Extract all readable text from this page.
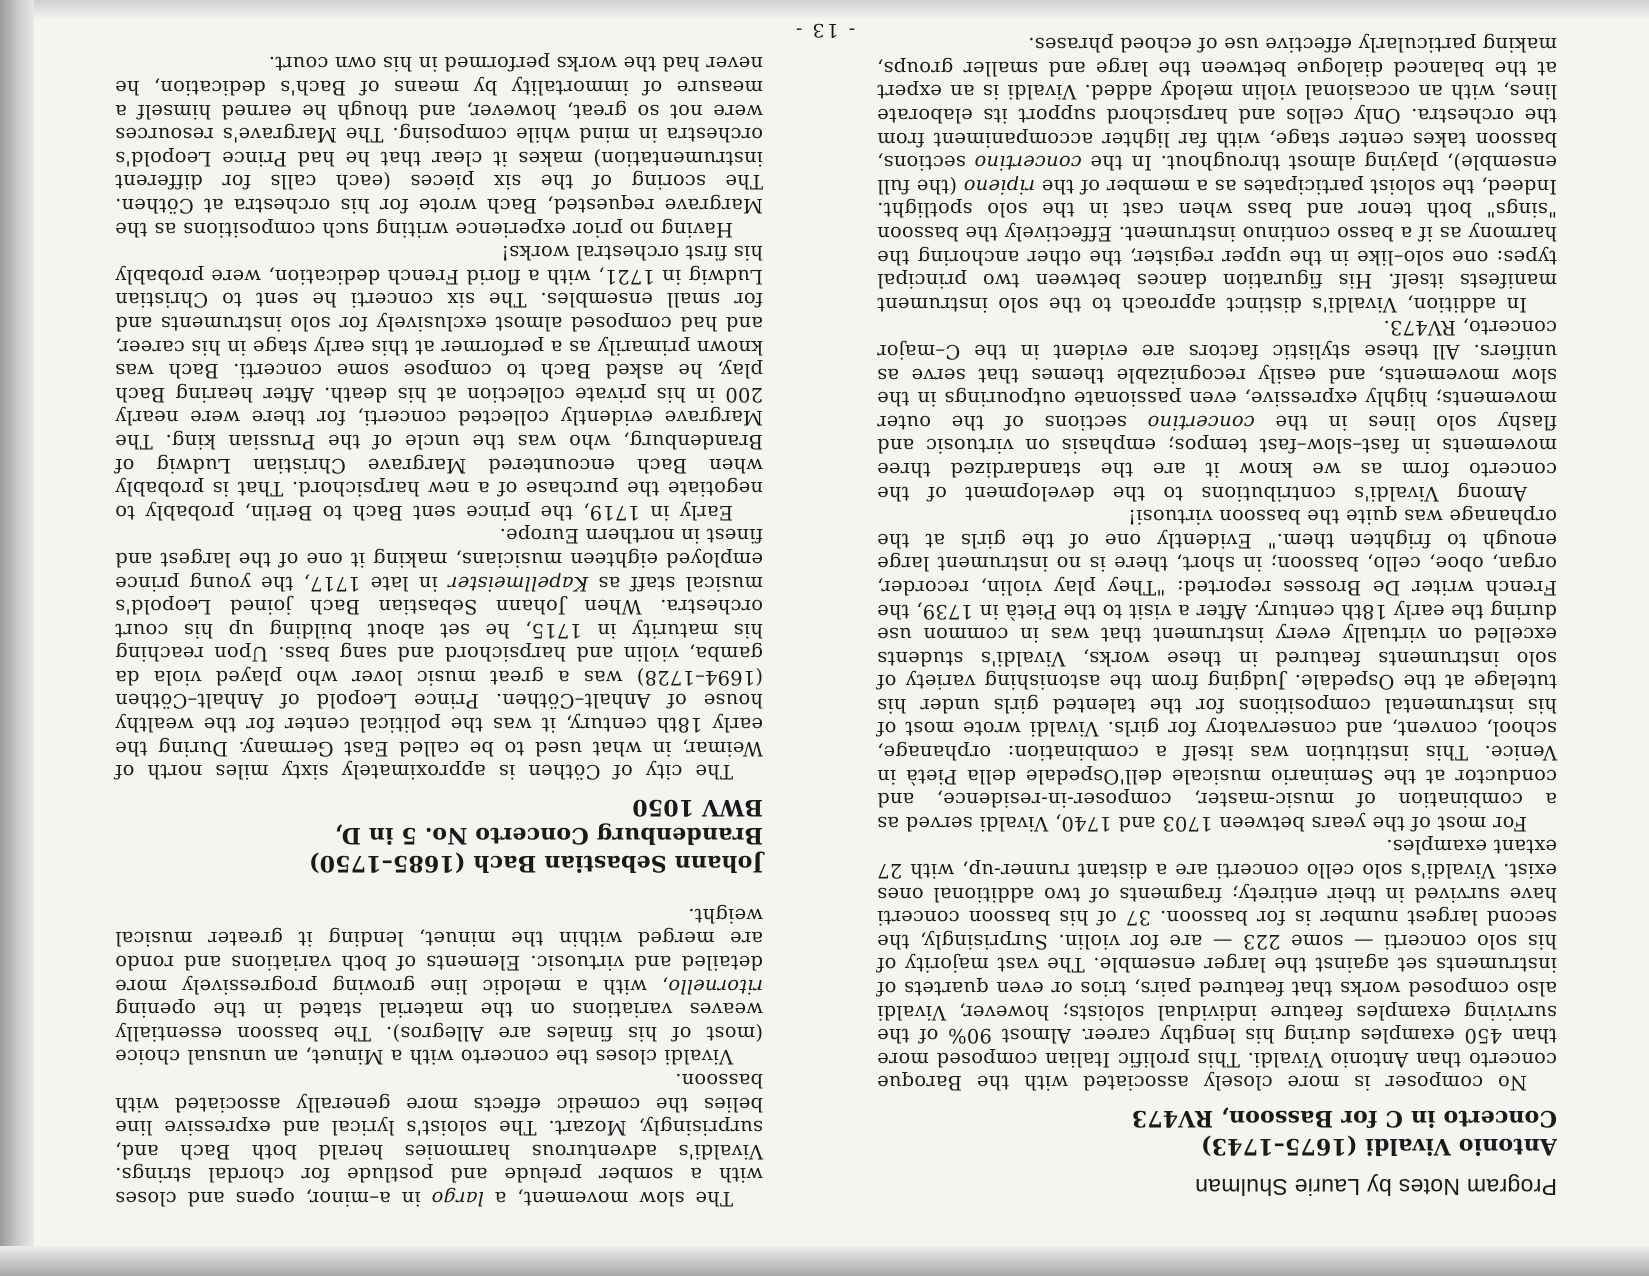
Program Notes by Laurie Shulman

Antonio Vivaldi (1675–1743)
Concerto in C for Bassoon, RV473

No composer is more closely associated with the Baroque concerto than Antonio Vivaldi. This prolific Italian composed more than 450 examples during his lengthy career. Almost 90% of the surviving examples feature individual soloists; however, Vivaldi also composed works that featured pairs, trios or even quartets of instruments set against the larger ensemble. The vast majority of his solo concerti — some 223 — are for violin. Surprisingly, the second largest number is for bassoon. 37 of his bassoon concerti have survived in their entirety; fragments of two additional ones exist. Vivaldi's solo cello concerti are a distant runner-up, with 27 extant examples.

For most of the years between 1703 and 1740, Vivaldi served as a combination of music-master, composer-in-residence, and conductor at the Seminario musicale dell'Ospedale della Pietà in Venice. This institution was itself a combination: orphanage, school, convent, and conservatory for girls. Vivaldi wrote most of his instrumental compositions for the talented girls under his tutelage at the Ospedale. Judging from the astonishing variety of solo instruments featured in these works, Vivaldi's students excelled on virtually every instrument that was in common use during the early 18th century. After a visit to the Pietà in 1739, the French writer De Brosses reported: "They play violin, recorder, organ, oboe, cello, bassoon; in short, there is no instrument large enough to frighten them." Evidently one of the girls at the orphanage was quite the bassoon virtuosi!

Among Vivaldi's contributions to the development of the concerto form as we know it are the standardized three movements in fast–slow–fast tempos; emphasis on virtuosic and flashy solo lines in the concertino sections of the outer movements; highly expressive, even passionate outpourings in the slow movements, and easily recognizable themes that serve as unifiers. All these stylistic factors are evident in the C–major concerto, RV473.

In addition, Vivaldi's distinct approach to the solo instrument manifests itself. His figuration dances between two principal types: one solo–like in the upper register, the other anchoring the harmony as if a basso continuo instrument. Effectively the bassoon "sings" both tenor and bass when cast in the solo spotlight. Indeed, the soloist participates as a member of the ripieno (the full ensemble), playing almost throughout. In the concertino sections, bassoon takes center stage, with far lighter accompaniment from the orchestra. Only cellos and harpsichord support its elaborate lines, with an occasional violin melody added. Vivaldi is an expert at the balanced dialogue between the large and smaller groups, making particularly effective use of echoed phrases.

The slow movement, a largo in a–minor, opens and closes with a somber prelude and postlude for chordal strings. Vivaldi's adventurous harmonies herald both Bach and, surprisingly, Mozart. The soloist's lyrical and expressive line belies the comedic effects more generally associated with bassoon.

Vivaldi closes the concerto with a Minuet, an unusual choice (most of his finales are Allegros). The bassoon essentially weaves variations on the material stated in the opening ritornello, with a melodic line growing progressively more detailed and virtuosic. Elements of both variations and rondo are merged within the minuet, lending it greater musical weight.

Johann Sebastian Bach (1685–1750)
Brandenburg Concerto No. 5 in D,
BWV 1050

The city of Cöthen is approximately sixty miles north of Weimar, in what used to be called East Germany. During the early 18th century, it was the political center for the wealthy house of Anhalt–Cöthen. Prince Leopold of Anhalt–Cöthen (1694–1728) was a great music lover who played viola da gamba, violin and harpsichord and sang bass. Upon reaching his maturity in 1715, he set about building up his court orchestra. When Johann Sebastian Bach joined Leopold's musical staff as Kapellmeister in late 1717, the young prince employed eighteen musicians, making it one of the largest and finest in northern Europe.

Early in 1719, the prince sent Bach to Berlin, probably to negotiate the purchase of a new harpsichord. That is probably when Bach encountered Margrave Christian Ludwig of Brandenburg, who was the uncle of the Prussian king. The Margrave evidently collected concerti, for there were nearly 200 in his private collection at his death. After hearing Bach play, he asked Bach to compose some concerti. Bach was known primarily as a performer at this early stage in his career, and had composed almost exclusively for solo instruments and for small ensembles. The six concerti he sent to Christian Ludwig in 1721, with a florid French dedication, were probably his first orchestral works!

Having no prior experience writing such compositions as the Margrave requested, Bach wrote for his orchestra at Cöthen. The scoring of the six pieces (each calls for different instrumentation) makes it clear that he had Prince Leopold's orchestra in mind while composing. The Margrave's resources were not so great, however, and though he earned himself a measure of immortality by means of Bach's dedication, he never had the works performed in his own court.

- 13 -
